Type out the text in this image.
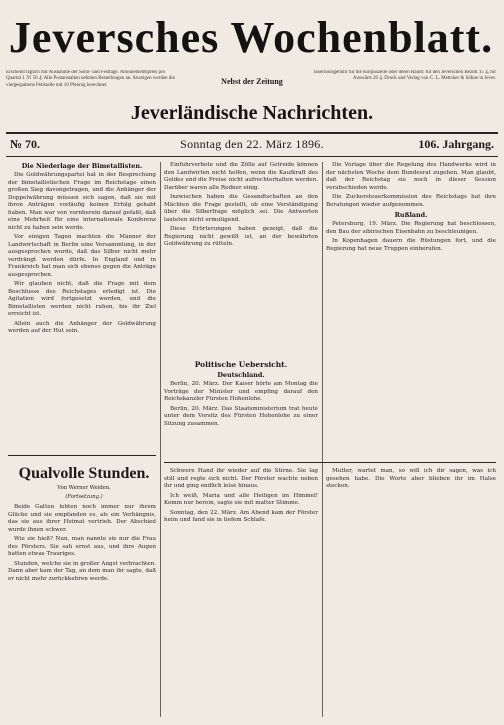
Jeversches Wochenblatt.
Erscheint täglich mit Ausnahme der Sonn- und Festtage. Abonnementspreis pro Quartal 1 ℳ 50 ₰. Alle Postanstalten nehmen Bestellungen an. Anzeigen werden die viergespaltene Petitzeile mit 10 Pfennig berechnet.	Nebst der Zeitung
Insertionsgebühr für die Korpuszeile oder deren Raum: für den Jeverschen Bezirk 15 ₰, für Auswärts 20 ₰. Druck und Verlag von C. L. Mettcker & Söhne in Jever.
Jeverländische Nachrichten.
№ 70.	Sonntag den 22. März 1896.	106. Jahrgang.
Die Niederlage der Bimetallisten.

Die Goldwährungspartei hat in der Besprechung der bimetallistischen Frage im Reichstage einen großen Sieg davongetragen, und die Anhänger der Doppelwährung müssen sich sagen, daß sie mit ihren Anträgen vorläufig keinen Erfolg gehabt haben. Man war von vornherein darauf gefaßt, daß eine Mehrheit für eine internationale Konferenz nicht zu haben sein werde.

Vor einigen Tagen machten die Männer der Landwirtschaft in Berlin eine Versammlung, in der ausgesprochen wurde, daß das Silber nicht mehr verdrängt werden dürfe. In England und in Frankreich hat man sich ebenso gegen die Anträge ausgesprochen.

Wir glauben nicht, daß die Frage mit dem Beschlusse des Reichstages erledigt ist. Die Agitation wird fortgesetzt werden, und die Bimetallisten werden nicht ruhen, bis ihr Ziel erreicht ist.

Allein auch die Anhänger der Goldwährung werden auf der Hut sein.

Qualvolle Stunden.
Von Werner Weiden.
(Fortsetzung.)

Beide Gatten lebten noch immer nur ihrem Glücke und sie empfanden es, als ein Verhängnis, das sie aus ihrer Heimat vertrieb. Der Abschied wurde ihnen schwer.

Wie sie hieß? Nun, man nannte sie nur die Frau des Försters. Sie sah ernst aus, und ihre Augen hatten etwas Trauriges.

Stunden, welche sie in großer Angst verbrachten. Dann aber kam der Tag, an dem man ihr sagte, daß er nicht mehr zurückkehren werde.

Einfuhrverbote und die Zölle auf Getreide können den Landwirten nicht helfen, wenn die Kaufkraft des Geldes und die Preise nicht aufrechterhalten werden. Darüber waren alle Redner einig.

Inzwischen haben die Gesandtschaften an den Mächten die Frage gestellt, ob eine Verständigung über die Silberfrage möglich sei. Die Antworten lauteten nicht ermutigend.

Diese Erörterungen haben gezeigt, daß die Regierung nicht gewillt ist, an der bewährten Goldwährung zu rütteln.

Politische Uebersicht.
Deutschland.

Berlin, 20. März. Der Kaiser hörte am Montag die Vorträge der Minister und empfing darauf den Reichskanzler Fürsten Hohenlohe.

Berlin, 20. März. Das Staatsministerium trat heute unter dem Vorsitz des Fürsten Hohenlohe zu einer Sitzung zusammen.

Die Vorlage über die Regelung des Handwerks wird in der nächsten Woche dem Bundesrat zugehen. Man glaubt, daß der Reichstag sie noch in dieser Session verabschieden werde.

Die Zuckersteuerkommission des Reichstags hat ihre Beratungen wieder aufgenommen.

Rußland.

Petersburg, 19. März. Die Regierung hat beschlossen, den Bau der sibirischen Eisenbahn zu beschleunigen.

In Kopenhagen dauern die Rüstungen fort, und die Regierung hat neue Truppen einberufen.

Schwere Hand ihr wieder auf die Stirne. Sie lag still und regte sich nicht. Der Förster wachte neben ihr und ging endlich leise hinaus.

Ich weiß, Maria und alle Heiligen im Himmel! Komm nur herein, sagte sie mit matter Stimme.

Sonntag, den 22. März. Am Abend kam der Förster heim und fand sie in tiefem Schlafe.

Mutter, wartet man, so will ich dir sagen, was ich gesehen habe. Die Worte aber blieben ihr im Halse stecken.
